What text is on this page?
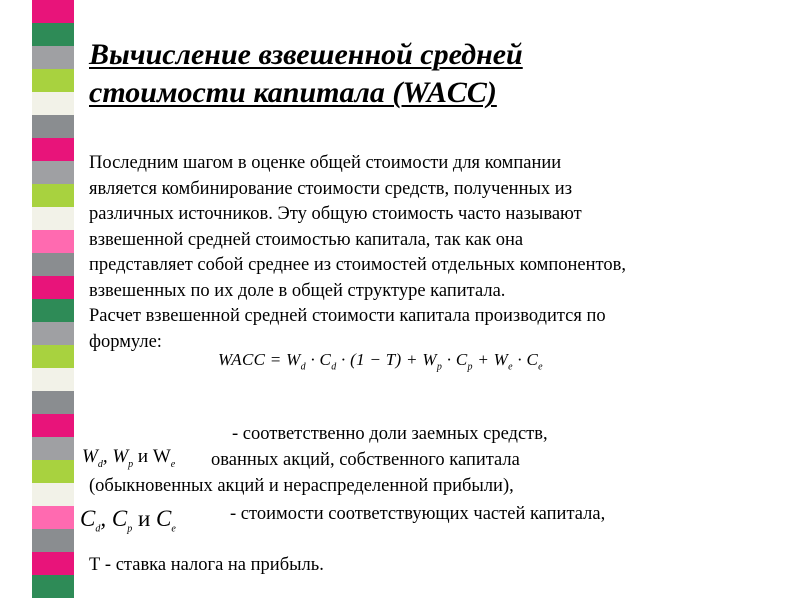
Вычисление взвешенной средней
стоимости капитала (WACC)
Последним шагом в оценке общей стоимости для компании
является комбинирование стоимости средств, полученных из
различных источников. Эту общую стоимость часто называют
взвешенной средней стоимостью капитала, так как она
представляет собой среднее из стоимостей отдельных компонентов,
взвешенных по их доле в общей структуре капитала.
Расчет взвешенной средней стоимости капитала производится по
формуле:
WACC = $W_d \cdot C_d \cdot (1 - T) + W_p \cdot C_p + W_e \cdot C_e$
- соответственно доли заемных средств,
ованных акций, собственного капитала
(обыкновенных акций и нераспределенной прибыли),
$W_d$, $W_p$ и $W_e$
- стоимости соответствующих частей капитала,
$C_d$, $C_p$ и $C_e$
Т - ставка налога на прибыль.
